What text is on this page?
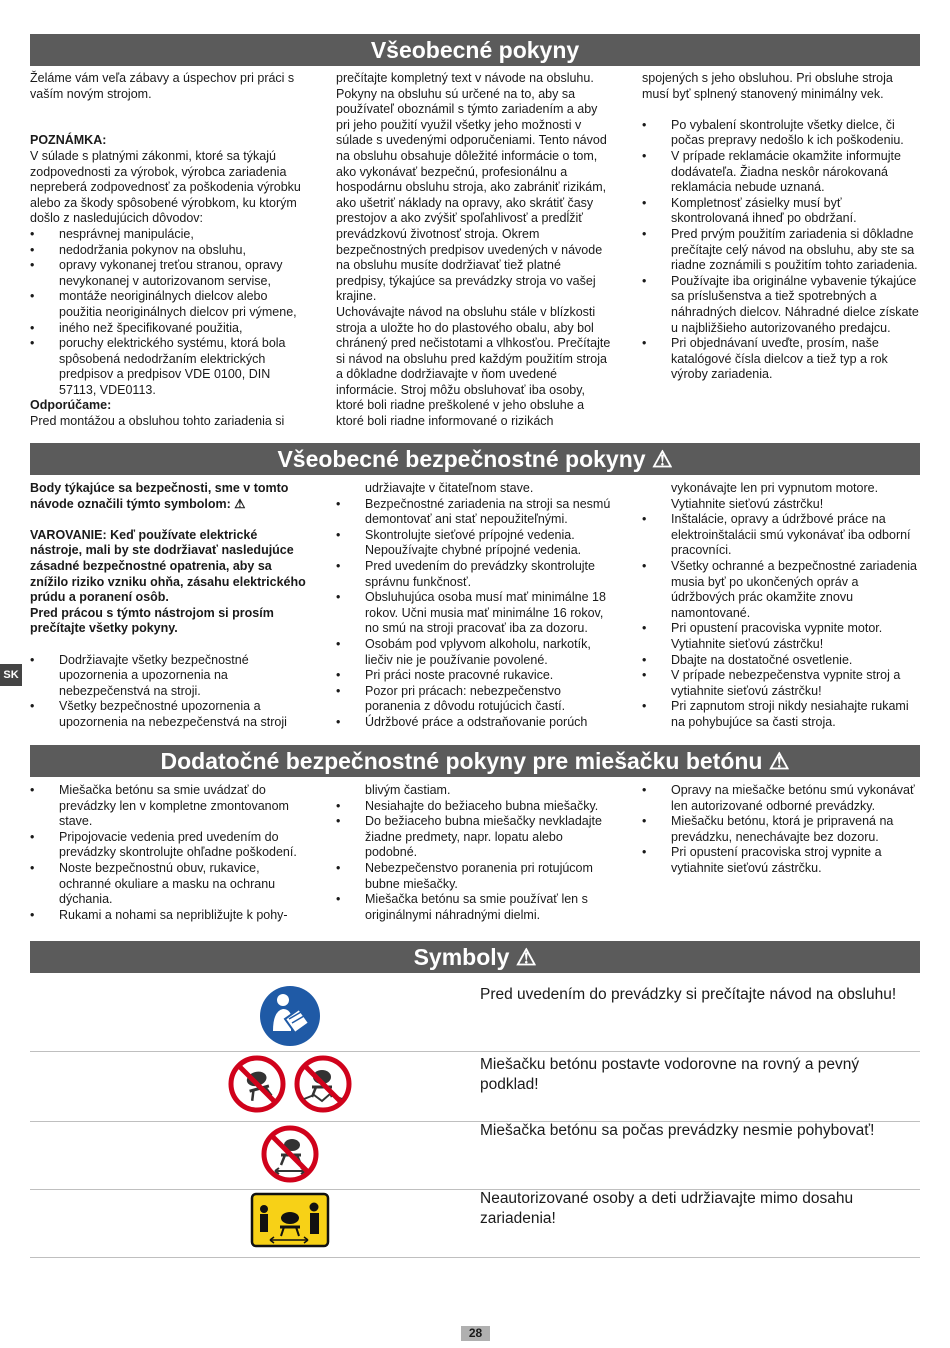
Všeobecné pokyny

Želáme vám veľa zábavy a úspechov pri práci s vaším novým strojom.

POZNÁMKA:

V súlade s platnými zákonmi, ktoré sa týkajú zodpovednosti za výrobok, výrobca zariadenia nepreberá zodpovednosť za poškodenia výrobku alebo za škody spôsobené výrobkom, ku ktorým došlo z nasledujúcich dôvodov:

• nesprávnej manipulácie,
• nedodržania pokynov na obsluhu,
• opravy vykonanej treťou stranou, opravy nevykonanej v autorizovanom servise,
• montáže neoriginálnych dielcov alebo použitia neoriginálnych dielcov pri výmene,
• iného než špecifikované použitia,
• poruchy elektrického systému, ktorá bola spôsobená nedodržaním elektrických predpisov a predpisov VDE 0100, DIN 57113, VDE0113.

Odporúčame:

Pred montážou a obsluhou tohto zariadenia si

prečítajte kompletný text v návode na obsluhu. Pokyny na obsluhu sú určené na to, aby sa používateľ oboznámil s týmto zariadením a aby pri jeho použití využil všetky jeho možnosti v súlade s uvedenými odporučeniami. Tento návod na obsluhu obsahuje dôležité informácie o tom, ako vykonávať bezpečnú, profesionálnu a hospodárnu obsluhu stroja, ako zabrániť rizikám, ako ušetriť náklady na opravy, ako skrátiť časy prestojov a ako zvýšiť spoľahlivosť a predĺžiť prevádzkovú životnosť stroja. Okrem bezpečnostných predpisov uvedených v návode na obsluhu musíte dodržiavať tiež platné predpisy, týkajúce sa prevádzky stroja vo vašej krajine.

Uchovávajte návod na obsluhu stále v blízkosti stroja a uložte ho do plastového obalu, aby bol chránený pred nečistotami a vlhkosťou. Prečítajte si návod na obsluhu pred každým použitím stroja a dôkladne dodržiavajte v ňom uvedené informácie. Stroj môžu obsluhovať iba osoby, ktoré boli riadne preškolené v jeho obsluhe a ktoré boli riadne informované o rizikách

spojených s jeho obsluhou. Pri obsluhe stroja musí byť splnený stanovený minimálny vek.

• Po vybalení skontrolujte všetky dielce, či počas prepravy nedošlo k ich poškodeniu.
• V prípade reklamácie okamžite informujte dodávateľa. Žiadna neskôr nárokovaná reklamácia nebude uznaná.
• Kompletnosť zásielky musí byť skontrolovaná ihneď po obdržaní.
• Pred prvým použitím zariadenia si dôkladne prečítajte celý návod na obsluhu, aby ste sa riadne zoznámili s použitím tohto zariadenia.
• Používajte iba originálne vybavenie týkajúce sa príslušenstva a tiež spotrebných a náhradných dielcov. Náhradné dielce získate u najbližšieho autorizovaného predajcu.
• Pri objednávaní uveďte, prosím, naše katalógové čísla dielcov a tiež typ a rok výroby zariadenia.
Všeobecné bezpečnostné pokyny ⚠

Body týkajúce sa bezpečnosti, sme v tomto návode označili týmto symbolom: ⚠

VAROVANIE: Keď používate elektrické nástroje, mali by ste dodržiavať nasledujúce zásadné bezpečnostné opatrenia, aby sa znížilo riziko vzniku ohňa, zásahu elektrického prúdu a poranení osôb.

Pred prácou s týmto nástrojom si prosím prečítajte všetky pokyny.

• Dodržiavajte všetky bezpečnostné upozornenia a upozornenia na nebezpečenstvá na stroji.
• Všetky bezpečnostné upozornenia a upozornenia na nebezpečenstvá na stroji
udržiavajte v čitateľnom stave.
• Bezpečnostné zariadenia na stroji sa nesmú demontovať ani stať nepoužiteľnými.
• Skontrolujte sieťové prípojné vedenia. Nepoužívajte chybné prípojné vedenia.
• Pred uvedením do prevádzky skontrolujte správnu funkčnosť.
• Obsluhujúca osoba musí mať minimálne 18 rokov. Učni musia mať minimálne 16 rokov, no smú na stroji pracovať iba za dozoru.
• Osobám pod vplyvom alkoholu, narkotík, liečiv nie je používanie povolené.
• Pri práci noste pracovné rukavice.
• Pozor pri prácach: nebezpečenstvo poranenia z dôvodu rotujúcich častí.
• Údržbové práce a odstraňovanie porúch
vykonávajte len pri vypnutom motore. Vytiahnite sieťovú zástrčku!
• Inštalácie, opravy a údržbové práce na elektroinštalácii smú vykonávať iba odborní pracovníci.
• Všetky ochranné a bezpečnostné zariadenia musia byť po ukončených opráv a údržbových prác okamžite znovu namontované.
• Pri opustení pracoviska vypnite motor. Vytiahnite sieťovú zástrčku!
• Dbajte na dostatočné osvetlenie.
• V prípade nebezpečenstva vypnite stroj a vytiahnite sieťovú zástrčku!
• Pri zapnutom stroji nikdy nesiahajte rukami na pohybujúce sa časti stroja.
SK
Dodatočné bezpečnostné pokyny pre miešačku betónu ⚠
• Miešačka betónu sa smie uvádzať do prevádzky len v kompletne zmontovanom stave.
• Pripojovacie vedenia pred uvedením do prevádzky skontrolujte ohľadne poškodení.
• Noste bezpečnostnú obuv, rukavice, ochranné okuliare a masku na ochranu dýchania.
• Rukami a nohami sa nepribližujte k pohy-
blivým častiam.
• Nesiahajte do bežiaceho bubna miešačky.
• Do bežiaceho bubna miešačky nevkladajte žiadne predmety, napr. lopatu alebo podobné.
• Nebezpečenstvo poranenia pri rotujúcom bubne miešačky.
• Miešačka betónu sa smie používať len s originálnymi náhradnými dielmi.
• Opravy na miešačke betónu smú vykonávať len autorizované odborné prevádzky.
• Miešačku betónu, ktorá je pripravená na prevádzku, nenechávajte bez dozoru.
• Pri opustení pracoviska stroj vypnite a vytiahnite sieťovú zástrčku.
Symboly ⚠
Pred uvedením do prevádzky si prečítajte návod na obsluhu!
Miešačku betónu postavte vodorovne na rovný a pevný podklad!
Miešačka betónu sa počas prevádzky nesmie pohybovať!
Neautorizované osoby a deti udržiavajte mimo dosahu zariadenia!
28
